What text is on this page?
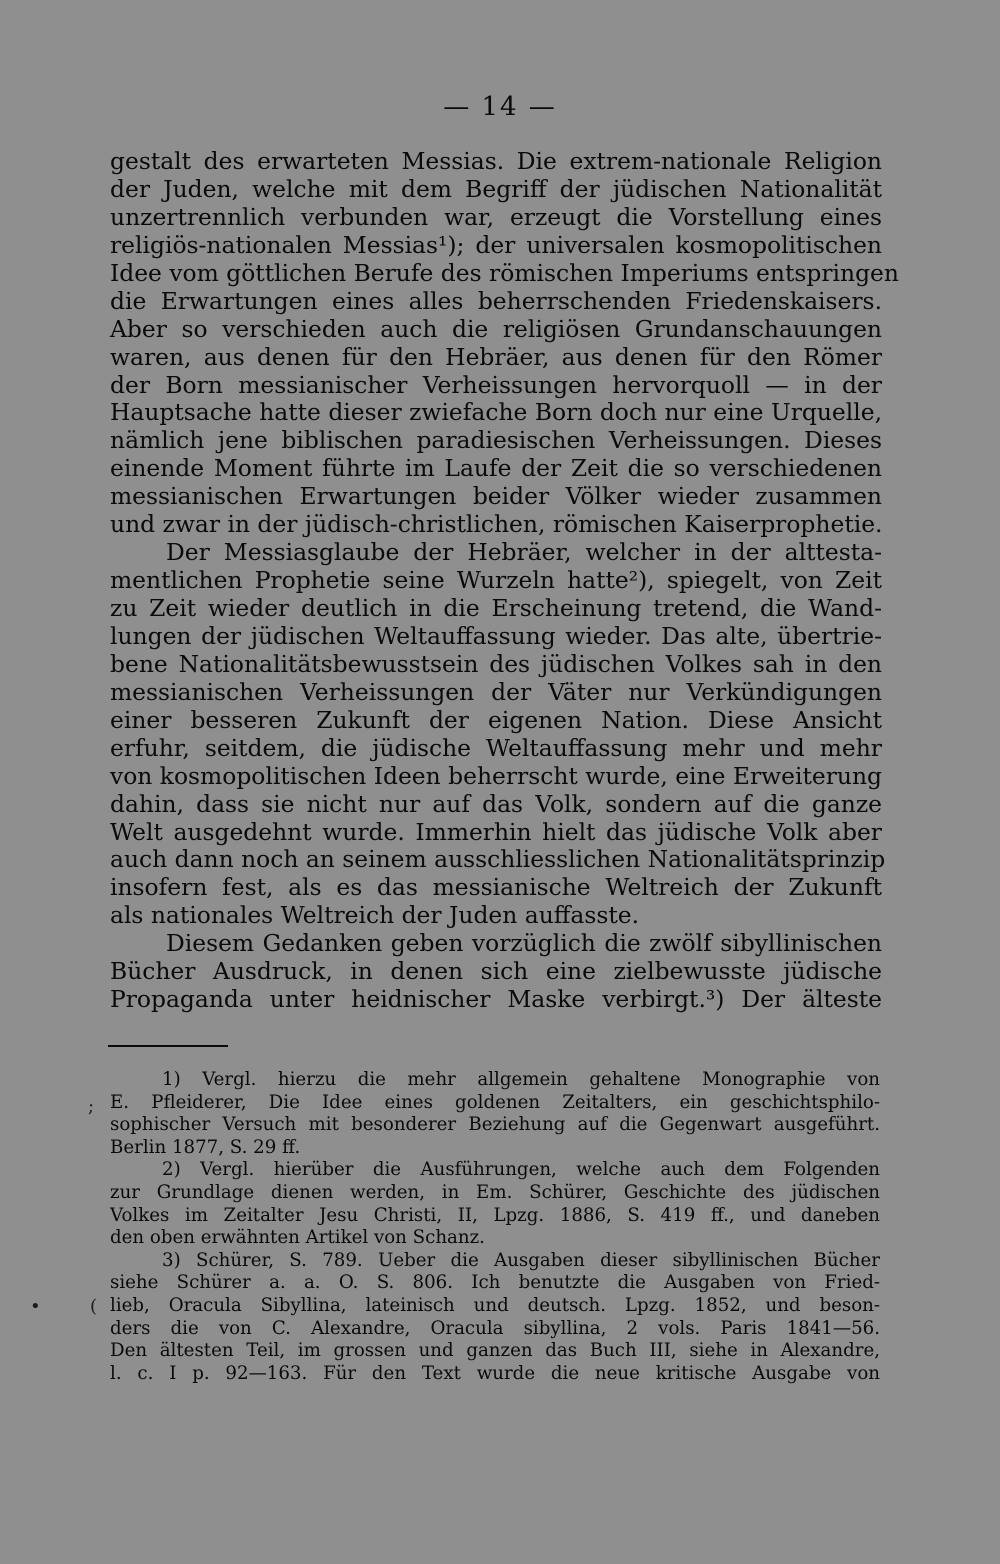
— 14 —
gestalt des erwarteten Messias. Die extrem-nationale Religion
der Juden, welche mit dem Begriff der jüdischen Nationalität
unzertrennlich verbunden war, erzeugt die Vorstellung eines
religiös-nationalen Messias¹); der universalen kosmopolitischen
Idee vom göttlichen Berufe des römischen Imperiums entspringen
die Erwartungen eines alles beherrschenden Friedenskaisers.
Aber so verschieden auch die religiösen Grundanschauungen
waren, aus denen für den Hebräer, aus denen für den Römer
der Born messianischer Verheissungen hervorquoll — in der
Hauptsache hatte dieser zwiefache Born doch nur eine Urquelle,
nämlich jene biblischen paradiesischen Verheissungen. Dieses
einende Moment führte im Laufe der Zeit die so verschiedenen
messianischen Erwartungen beider Völker wieder zusammen
und zwar in der jüdisch-christlichen, römischen Kaiserprophetie.
Der Messiasglaube der Hebräer, welcher in der alttesta-
mentlichen Prophetie seine Wurzeln hatte²), spiegelt, von Zeit
zu Zeit wieder deutlich in die Erscheinung tretend, die Wand-
lungen der jüdischen Weltauffassung wieder. Das alte, übertrie-
bene Nationalitätsbewusstsein des jüdischen Volkes sah in den
messianischen Verheissungen der Väter nur Verkündigungen
einer besseren Zukunft der eigenen Nation. Diese Ansicht
erfuhr, seitdem, die jüdische Weltauffassung mehr und mehr
von kosmopolitischen Ideen beherrscht wurde, eine Erweiterung
dahin, dass sie nicht nur auf das Volk, sondern auf die ganze
Welt ausgedehnt wurde. Immerhin hielt das jüdische Volk aber
auch dann noch an seinem ausschliesslichen Nationalitätsprinzip
insofern fest, als es das messianische Weltreich der Zukunft
als nationales Weltreich der Juden auffasste.
Diesem Gedanken geben vorzüglich die zwölf sibyllinischen
Bücher Ausdruck, in denen sich eine zielbewusste jüdische
Propaganda unter heidnischer Maske verbirgt.³) Der älteste
1) Vergl. hierzu die mehr allgemein gehaltene Monographie von
E. Pfleiderer, Die Idee eines goldenen Zeitalters, ein geschichtsphilo-
sophischer Versuch mit besonderer Beziehung auf die Gegenwart ausgeführt.
Berlin 1877, S. 29 ff.
2) Vergl. hierüber die Ausführungen, welche auch dem Folgenden
zur Grundlage dienen werden, in Em. Schürer, Geschichte des jüdischen
Volkes im Zeitalter Jesu Christi, II, Lpzg. 1886, S. 419 ff., und daneben
den oben erwähnten Artikel von Schanz.
3) Schürer, S. 789. Ueber die Ausgaben dieser sibyllinischen Bücher
siehe Schürer a. a. O. S. 806. Ich benutzte die Ausgaben von Fried-
lieb, Oracula Sibyllina, lateinisch und deutsch. Lpzg. 1852, und beson-
ders die von C. Alexandre, Oracula sibyllina, 2 vols. Paris 1841—56.
Den ältesten Teil, im grossen und ganzen das Buch III, siehe in Alexandre,
l. c. I p. 92—163. Für den Text wurde die neue kritische Ausgabe von
;
•	(
